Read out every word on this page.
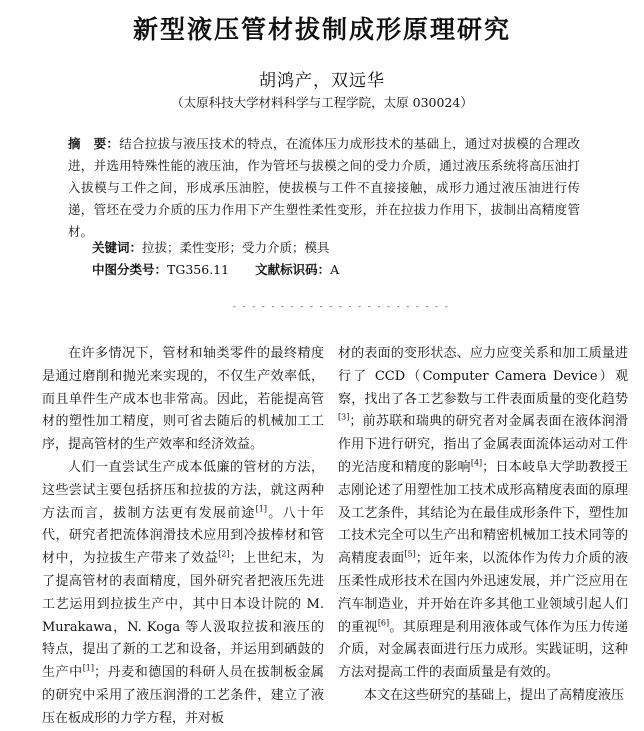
新型液压管材拔制成形原理研究
胡鸿产，双远华
（太原科技大学材料科学与工程学院，太原 030024）
摘　要：结合拉拔与液压技术的特点，在流体压力成形技术的基础上，通过对拔模的合理改进，并选用特殊性能的液压油，作为管坯与拔模之间的受力介质，通过液压系统将高压油打入拔模与工件之间，形成承压油腔，使拔模与工件不直接接触，成形力通过液压油进行传递，管坯在受力介质的压力作用下产生塑性柔性变形，并在拉拔力作用下，拔制出高精度管材。
关键词：拉拔；柔性变形；受力介质；模具
中图分类号：TG356.11 文献标识码：A
- - - - - - - - - - - - - - - - - - - - - - -

在许多情况下，管材和轴类零件的最终精度是通过磨削和抛光来实现的，不仅生产效率低，而且单件生产成本也非常高。因此，若能提高管材的塑性加工精度，则可省去随后的机械加工工序，提高管材的生产效率和经济效益。

人们一直尝试生产成本低廉的管材的方法，这些尝试主要包括挤压和拉拔的方法，就这两种方法而言，拔制方法更有发展前途[1]。八十年代，研究者把流体润滑技术应用到冷拔棒材和管材中，为拉拔生产带来了效益[2]；上世纪末，为了提高管材的表面精度，国外研究者把液压先进工艺运用到拉拔生产中，其中日本设计院的 M. Murakawa，N. Koga 等人汲取拉拔和液压的特点，提出了新的工艺和设备，并运用到硒鼓的生产中[1]；丹麦和德国的科研人员在拔制板金属的研究中采用了液压润滑的工艺条件，建立了液压在板成形的力学方程，并对板

材的表面的变形状态、应力应变关系和加工质量进行了 CCD（Computer Camera Device）观察，找出了各工艺参数与工件表面质量的变化趋势[3]；前苏联和瑞典的研究者对金属表面在液体润滑作用下进行研究，指出了金属表面流体运动对工件的光洁度和精度的影响[4]；日本岐阜大学助教授王志刚论述了用塑性加工技术成形高精度表面的原理及工艺条件，其结论为在最佳成形条件下，塑性加工技术完全可以生产出和精密机械加工技术同等的高精度表面[5]；近年来，以流体作为传力介质的液压柔性成形技术在国内外迅速发展，并广泛应用在汽车制造业，并开始在许多其他工业领域引起人们的重视[6]。其原理是利用液体或气体作为压力传递介质，对金属表面进行压力成形。实践证明，这种方法对提高工件的表面质量是有效的。

本文在这些研究的基础上，提出了高精度液压
